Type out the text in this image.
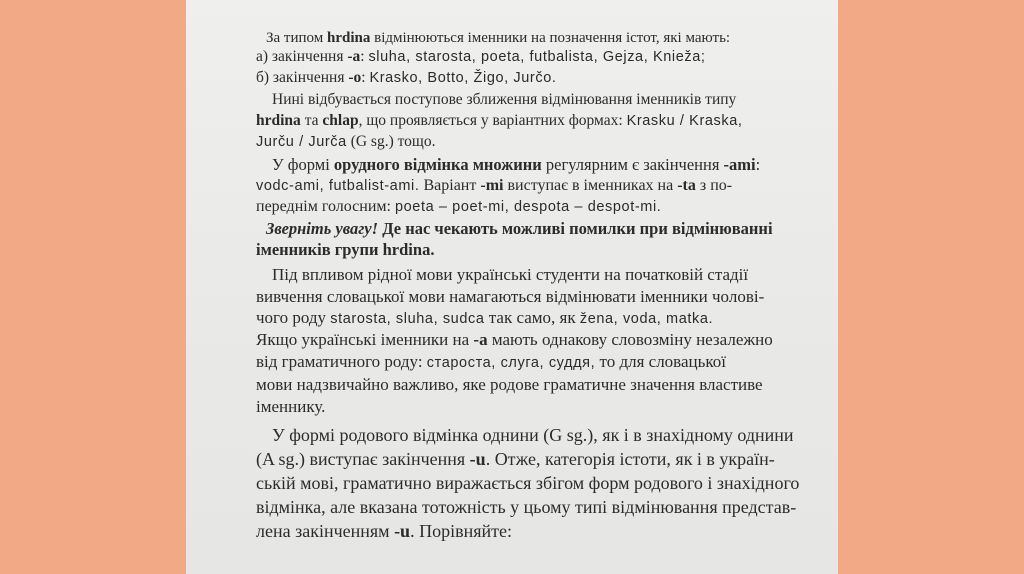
За типом hrdina відмінюються іменники на позначення істот, які мають:
а) закінчення -а: sluha, starosta, poeta, futbalista, Gejza, Knieža;
б) закінчення -о: Krasko, Botto, Žigo, Jurčo.
Нині відбувається поступове зближення відмінювання іменників типу
hrdina та chlap, що проявляється у варіантних формах: Krasku / Kraska,
Jurču / Jurča (G sg.) тощо.
У формі орудного відмінка множини регулярним є закінчення -ami:
vodc-ami, futbalist-ami. Варіант -mi виступає в іменниках на -ta з по-
переднім голосним: poeta – poet-mi, despota – despot-mi.
Зверніть увагу! Де нас чекають можливі помилки при відмінюванні
іменників групи hrdina.
Під впливом рідної мови українські студенти на початковій стадії
вивчення словацької мови намагаються відмінювати іменники чолові-
чого роду starosta, sluha, sudca так само, як žena, voda, matka.
Якщо українські іменники на -а мають однакову словозміну незалежно
від граматичного роду: староста, слуга, суддя, то для словацької
мови надзвичайно важливо, яке родове граматичне значення властиве
іменнику.
У формі родового відмінка однини (G sg.), як і в знахідному однини
(A sg.) виступає закінчення -u. Отже, категорія істоти, як і в україн-
ській мові, граматично виражається збігом форм родового і знахідного
відмінка, але вказана тотожність у цьому типі відмінювання представ-
лена закінченням -u. Порівняйте:
